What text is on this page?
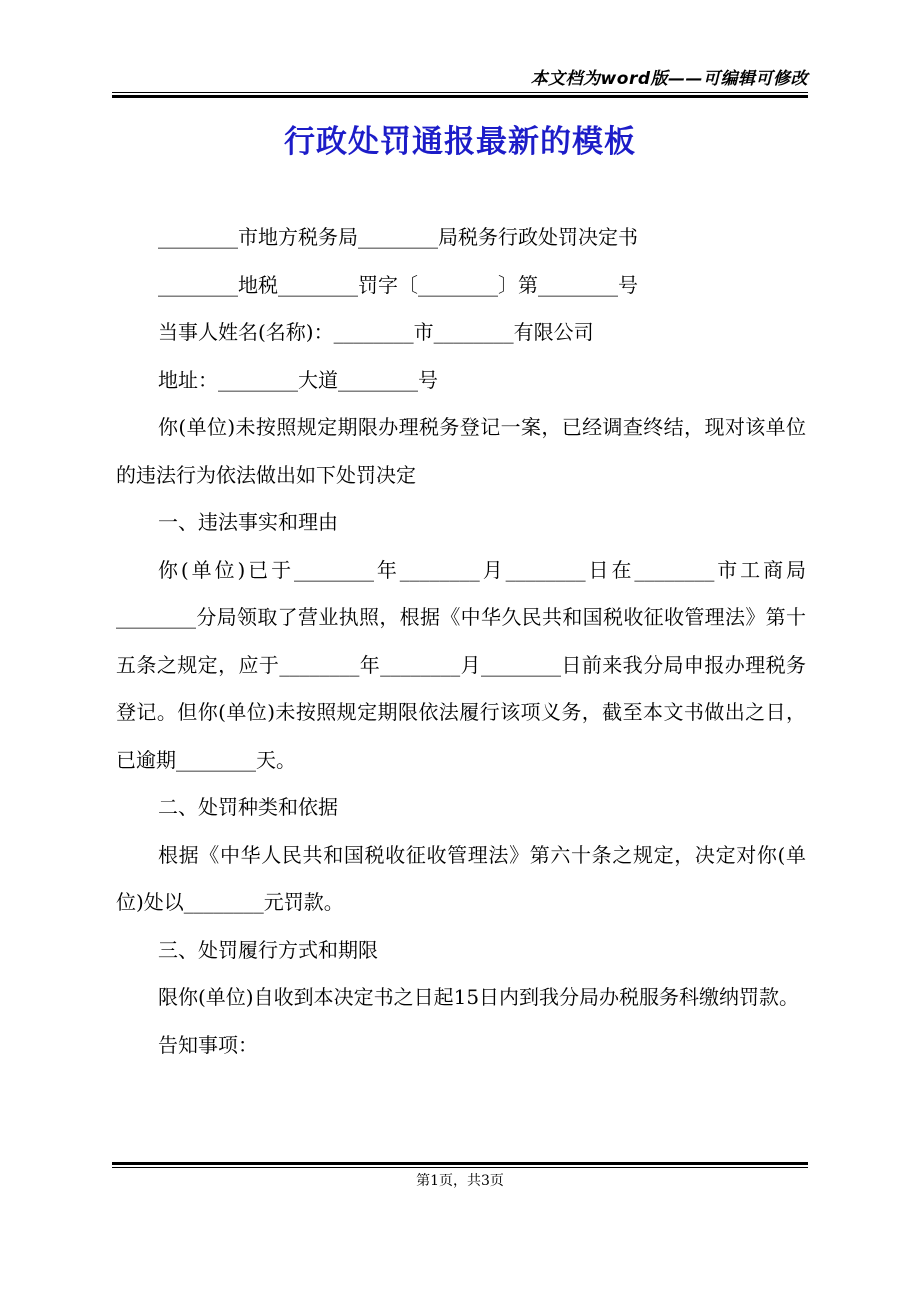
本文档为word版——可编辑可修改
行政处罚通报最新的模板

________市地方税务局________局税务行政处罚决定书

________地税________罚字〔________〕第________号

当事人姓名(名称)：________市________有限公司

地址：________大道________号

你(单位)未按照规定期限办理税务登记一案，已经调查终结，现对该单位的违法行为依法做出如下处罚决定

一、违法事实和理由

你(单位)已于________年________月________日在________市工商局________分局领取了营业执照，根据《中华久民共和国税收征收管理法》第十五条之规定，应于________年________月________日前来我分局申报办理税务登记。但你(单位)未按照规定期限依法履行该项义务，截至本文书做出之日，已逾期________天。

二、处罚种类和依据

根据《中华人民共和国税收征收管理法》第六十条之规定，决定对你(单位)处以________元罚款。

三、处罚履行方式和期限

限你(单位)自收到本决定书之日起15日内到我分局办税服务科缴纳罚款。

告知事项：

第1页，共3页
